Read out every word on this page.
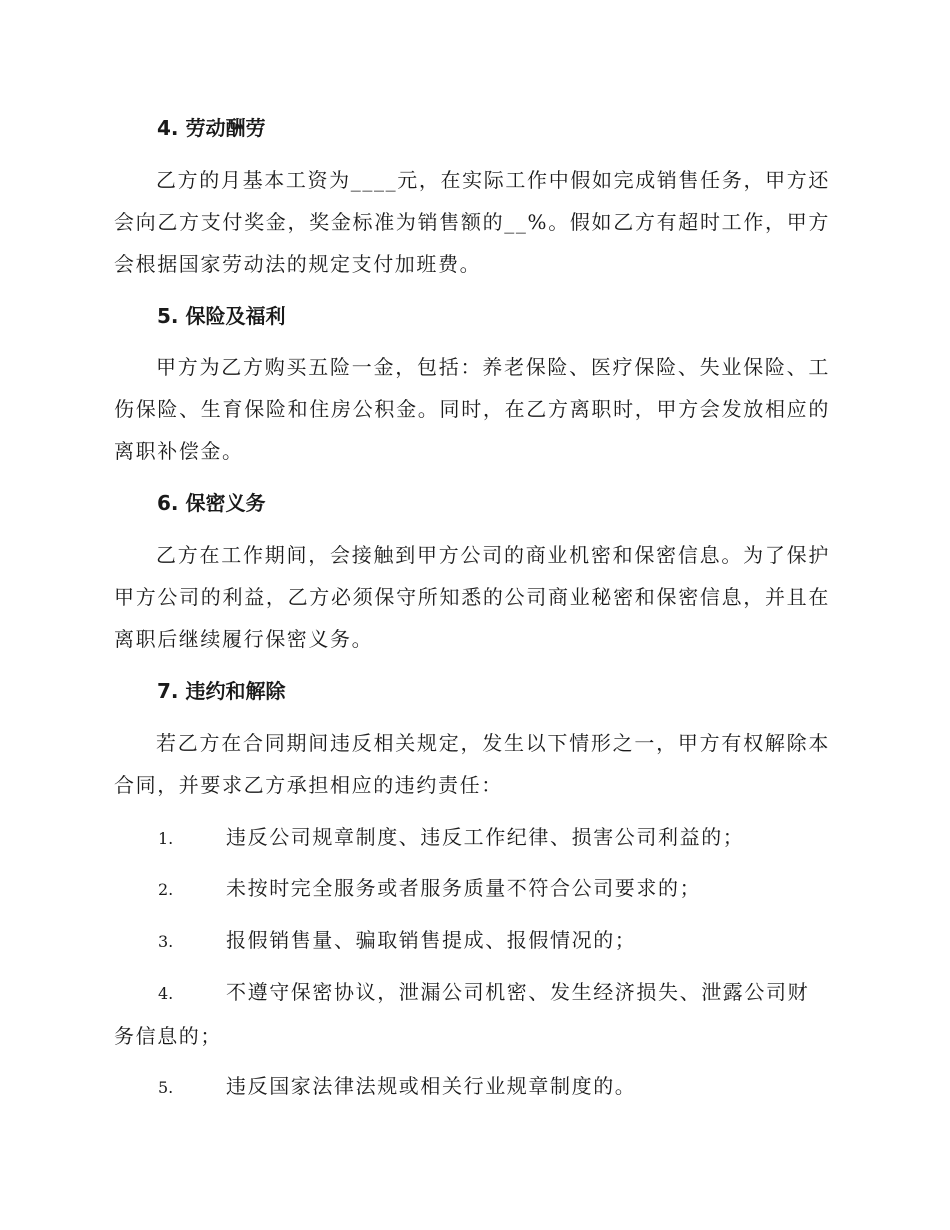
4. 劳动酬劳
乙方的月基本工资为____元，在实际工作中假如完成销售任务，甲方还会向乙方支付奖金，奖金标准为销售额的__%。假如乙方有超时工作，甲方会根据国家劳动法的规定支付加班费。
5. 保险及福利
甲方为乙方购买五险一金，包括：养老保险、医疗保险、失业保险、工伤保险、生育保险和住房公积金。同时，在乙方离职时，甲方会发放相应的离职补偿金。
6. 保密义务
乙方在工作期间，会接触到甲方公司的商业机密和保密信息。为了保护甲方公司的利益，乙方必须保守所知悉的公司商业秘密和保密信息，并且在离职后继续履行保密义务。
7. 违约和解除
若乙方在合同期间违反相关规定，发生以下情形之一，甲方有权解除本合同，并要求乙方承担相应的违约责任：
1.	违反公司规章制度、违反工作纪律、损害公司利益的；
2.	未按时完全服务或者服务质量不符合公司要求的；
3.	报假销售量、骗取销售提成、报假情况的；
4.	不遵守保密协议，泄漏公司机密、发生经济损失、泄露公司财务信息的；
5.	违反国家法律法规或相关行业规章制度的。
